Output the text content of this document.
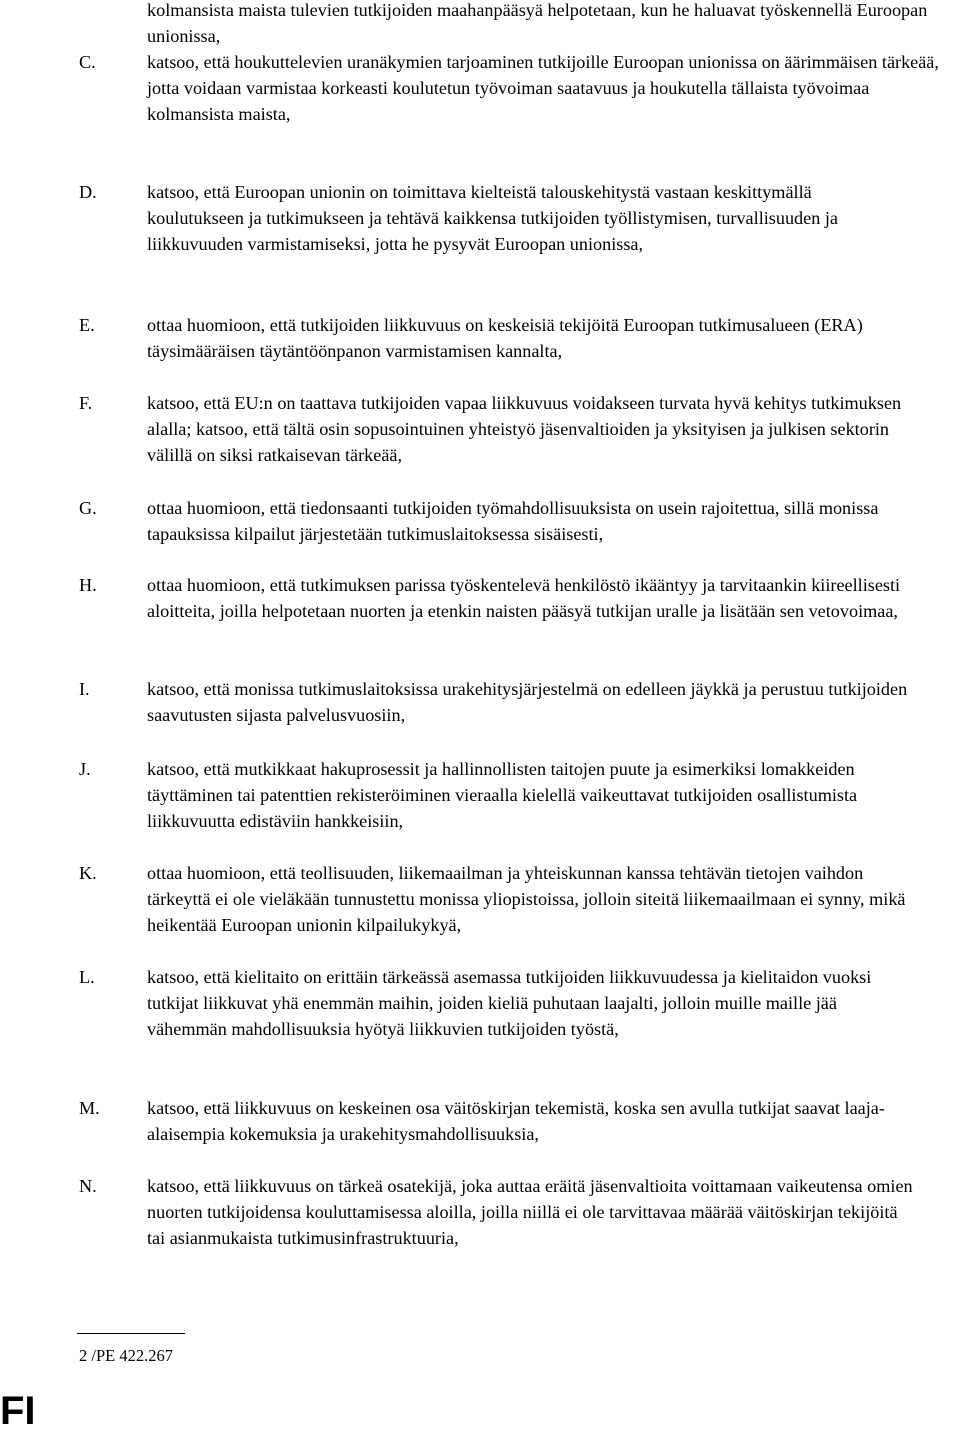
kolmansista maista tulevien tutkijoiden maahanpääsyä helpotetaan, kun he haluavat työskennellä Euroopan unionissa,

C.	katsoo, että houkuttelevien uranäkymien tarjoaminen tutkijoille Euroopan unionissa on äärimmäisen tärkeää, jotta voidaan varmistaa korkeasti koulutetun työvoiman saatavuus ja houkutella tällaista työvoimaa kolmansista maista,

D.	katsoo, että Euroopan unionin on toimittava kielteistä talouskehitystä vastaan keskittymällä koulutukseen ja tutkimukseen ja tehtävä kaikkensa tutkijoiden työllistymisen, turvallisuuden ja liikkuvuuden varmistamiseksi, jotta he pysyvät Euroopan unionissa,

E.	ottaa huomioon, että tutkijoiden liikkuvuus on keskeisiä tekijöitä Euroopan tutkimusalueen (ERA) täysimääräisen täytäntöönpanon varmistamisen kannalta,

F.	katsoo, että EU:n on taattava tutkijoiden vapaa liikkuvuus voidakseen turvata hyvä kehitys tutkimuksen alalla; katsoo, että tältä osin sopusointuinen yhteistyö jäsenvaltioiden ja yksityisen ja julkisen sektorin välillä on siksi ratkaisevan tärkeää,

G.	ottaa huomioon, että tiedonsaanti tutkijoiden työmahdollisuuksista on usein rajoitettua, sillä monissa tapauksissa kilpailut järjestetään tutkimuslaitoksessa sisäisesti,

H.	ottaa huomioon, että tutkimuksen parissa työskentelevä henkilöstö ikääntyy ja tarvitaankin kiireellisesti aloitteita, joilla helpotetaan nuorten ja etenkin naisten pääsyä tutkijan uralle ja lisätään sen vetovoimaa,

I.	katsoo, että monissa tutkimuslaitoksissa urakehitysjärjestelmä on edelleen jäykkä ja perustuu tutkijoiden saavutusten sijasta palvelusvuosiin,

J.	katsoo, että mutkikkaat hakuprosessit ja hallinnollisten taitojen puute ja esimerkiksi lomakkeiden täyttäminen tai patenttien rekisteröiminen vieraalla kielellä vaikeuttavat tutkijoiden osallistumista liikkuvuutta edistäviin hankkeisiin,

K.	ottaa huomioon, että teollisuuden, liikemaailman ja yhteiskunnan kanssa tehtävän tietojen vaihdon tärkeyttä ei ole vieläkään tunnustettu monissa yliopistoissa, jolloin siteitä liikemaailmaan ei synny, mikä heikentää Euroopan unionin kilpailukykyä,

L.	katsoo, että kielitaito on erittäin tärkeässä asemassa tutkijoiden liikkuvuudessa ja kielitaidon vuoksi tutkijat liikkuvat yhä enemmän maihin, joiden kieliä puhutaan laajalti, jolloin muille maille jää vähemmän mahdollisuuksia hyötyä liikkuvien tutkijoiden työstä,

M.	katsoo, että liikkuvuus on keskeinen osa väitöskirjan tekemistä, koska sen avulla tutkijat saavat laaja-alaisempia kokemuksia ja urakehitysmahdollisuuksia,

N.	katsoo, että liikkuvuus on tärkeä osatekijä, joka auttaa eräitä jäsenvaltioita voittamaan vaikeutensa omien nuorten tutkijoidensa kouluttamisessa aloilla, joilla niillä ei ole tarvittavaa määrää väitöskirjan tekijöitä tai asianmukaista tutkimusinfrastruktuuria,

2 /PE 422.267
FI
